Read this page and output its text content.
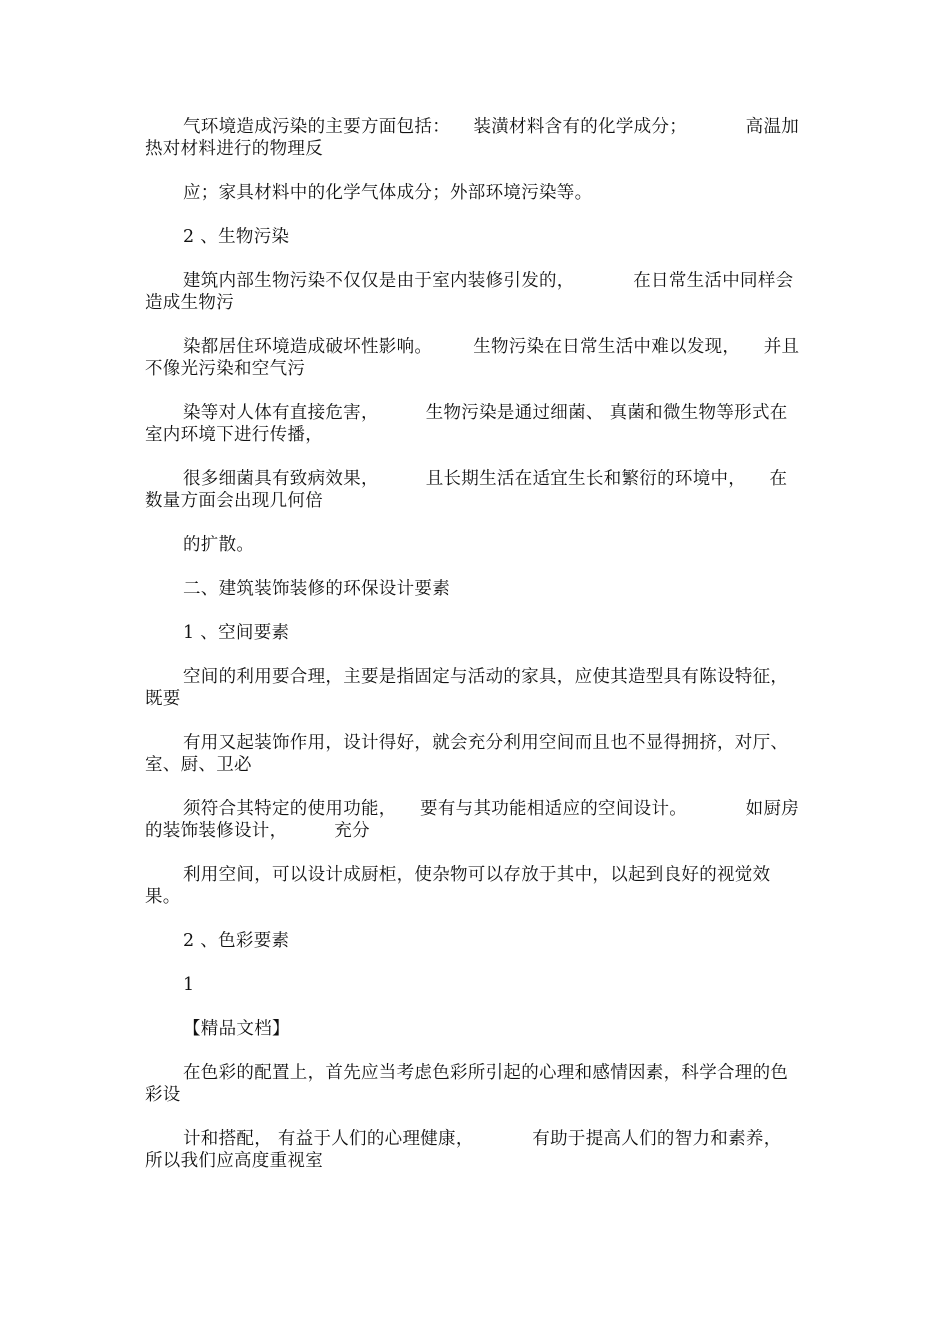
气环境造成污染的主要方面包括：    装潢材料含有的化学成分；          高温加热对材料进行的物理反

应；家具材料中的化学气体成分；外部环境污染等。

2 、生物污染

建筑内部生物污染不仅仅是由于室内装修引发的，          在日常生活中同样会造成生物污

染都居住环境造成破坏性影响。       生物污染在日常生活中难以发现，    并且不像光污染和空气污

染等对人体有直接危害，        生物污染是通过细菌、 真菌和微生物等形式在室内环境下进行传播，

很多细菌具有致病效果，        且长期生活在适宜生长和繁衍的环境中，    在数量方面会出现几何倍

的扩散。

二、建筑装饰装修的环保设计要素

1 、空间要素

空间的利用要合理，主要是指固定与活动的家具，应使其造型具有陈设特征，既要

有用又起装饰作用，设计得好，就会充分利用空间而且也不显得拥挤，对厅、室、厨、卫必

须符合其特定的使用功能，    要有与其功能相适应的空间设计。          如厨房的装饰装修设计，        充分

利用空间，可以设计成厨柜，使杂物可以存放于其中，以起到良好的视觉效果。

2 、色彩要素

1

【精品文档】

在色彩的配置上，首先应当考虑色彩所引起的心理和感情因素，科学合理的色彩设

计和搭配， 有益于人们的心理健康，          有助于提高人们的智力和素养，    所以我们应高度重视室
